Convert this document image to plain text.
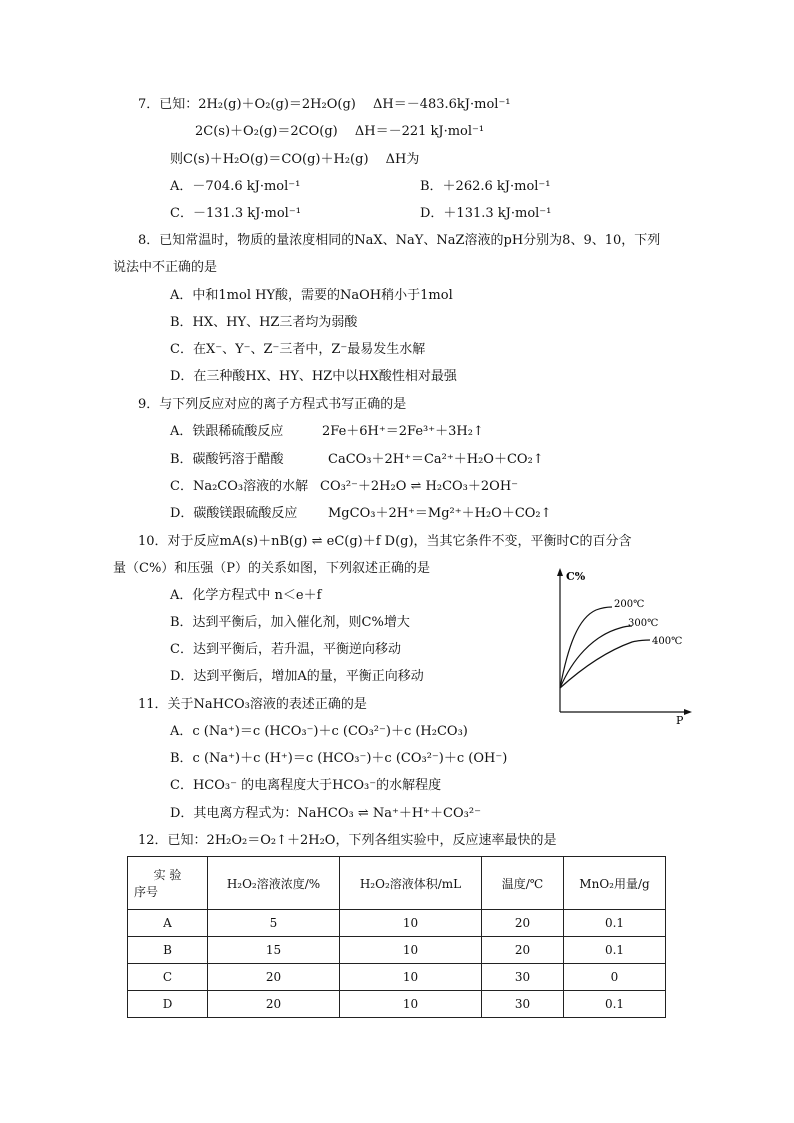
7．已知：2H₂(g)＋O₂(g)＝2H₂O(g)　 ΔH＝－483.6kJ·mol⁻¹
2C(s)＋O₂(g)＝2CO(g)　 ΔH＝－221 kJ·mol⁻¹
则C(s)＋H₂O(g)＝CO(g)＋H₂(g)　 ΔH为
A．－704.6 kJ·mol⁻¹	B．＋262.6 kJ·mol⁻¹
C．－131.3 kJ·mol⁻¹	D．＋131.3 kJ·mol⁻¹
8．已知常温时，物质的量浓度相同的NaX、NaY、NaZ溶液的pH分别为8、9、10，下列
说法中不正确的是
A．中和1mol HY酸，需要的NaOH稍小于1mol
B．HX、HY、HZ三者均为弱酸
C．在X⁻、Y⁻、Z⁻三者中，Z⁻最易发生水解
D．在三种酸HX、HY、HZ中以HX酸性相对最强
9．与下列反应对应的离子方程式书写正确的是
A．铁跟稀硫酸反应	2Fe＋6H⁺＝2Fe³⁺＋3H₂↑
B．碳酸钙溶于醋酸	CaCO₃＋2H⁺＝Ca²⁺＋H₂O＋CO₂↑
C．Na₂CO₃溶液的水解 CO₃²⁻＋2H₂O ⇌ H₂CO₃＋2OH⁻
D．碳酸镁跟硫酸反应 MgCO₃＋2H⁺＝Mg²⁺＋H₂O＋CO₂↑
10．对于反应mA(s)＋nB(g) ⇌ eC(g)＋f D(g)，当其它条件不变，平衡时C的百分含
量（C%）和压强（P）的关系如图，下列叙述正确的是
A．化学方程式中 n＜e＋f
B．达到平衡后，加入催化剂，则C%增大
C．达到平衡后，若升温，平衡逆向移动
D．达到平衡后，增加A的量，平衡正向移动
C%
P
200℃
300℃
400℃
11．关于NaHCO₃溶液的表述正确的是
A．c (Na⁺)＝c (HCO₃⁻)＋c (CO₃²⁻)＋c (H₂CO₃)
B．c (Na⁺)＋c (H⁺)＝c (HCO₃⁻)＋c (CO₃²⁻)＋c (OH⁻)
C．HCO₃⁻ 的电离程度大于HCO₃⁻的水解程度
D．其电离方程式为：NaHCO₃ ⇌ Na⁺＋H⁺＋CO₃²⁻
12．已知：2H₂O₂＝O₂↑＋2H₂O，下列各组实验中，反应速率最快的是
实 验
序号	H₂O₂溶液浓度/%	H₂O₂溶液体积/mL	温度/℃	MnO₂用量/g
A	5	10	20	0.1
B	15	10	20	0.1
C	20	10	30	0
D	20	10	30	0.1
